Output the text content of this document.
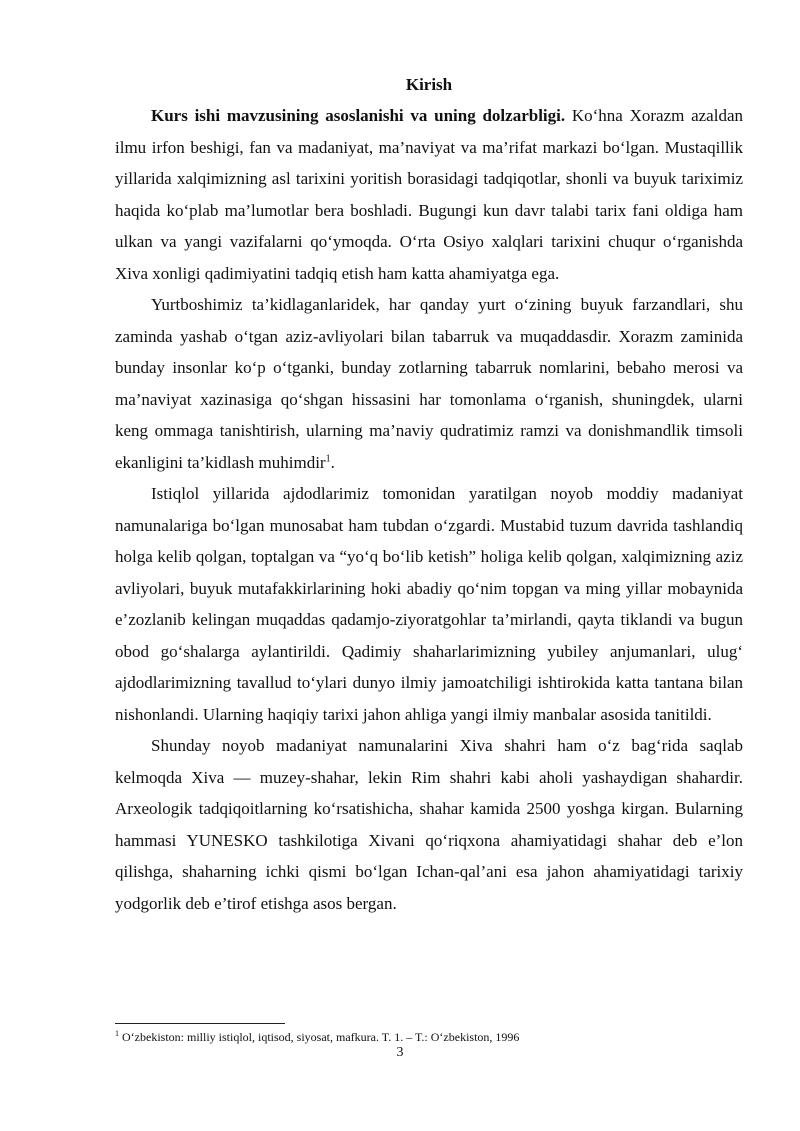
Kirish

Kurs ishi mavzusining asoslanishi va uning dolzarbligi. Ko‘hna Xorazm azaldan ilmu irfon beshigi, fan va madaniyat, ma’naviyat va ma’rifat markazi bo‘lgan. Mustaqillik yillarida xalqimizning asl tarixini yoritish borasidagi tadqiqotlar, shonli va buyuk tariximiz haqida ko‘plab ma’lumotlar bera boshladi. Bugungi kun davr talabi tarix fani oldiga ham ulkan va yangi vazifalarni qo‘ymoqda. O‘rta Osiyo xalqlari tarixini chuqur o‘rganishda Xiva xonligi qadimiyatini tadqiq etish ham katta ahamiyatga ega.

Yurtboshimiz ta’kidlaganlaridek, har qanday yurt o‘zining buyuk farzandlari, shu zaminda yashab o‘tgan aziz-avliyolari bilan tabarruk va muqaddasdir. Xorazm zaminida bunday insonlar ko‘p o‘tganki, bunday zotlarning tabarruk nomlarini, bebaho merosi va ma’naviyat xazinasiga qo‘shgan hissasini har tomonlama o‘rganish, shuningdek, ularni keng ommaga tanishtirish, ularning ma’naviy qudratimiz ramzi va donishmandlik timsoli ekanligini ta’kidlash muhimdir$^1$.

Istiqlol yillarida ajdodlarimiz tomonidan yaratilgan noyob moddiy madaniyat namunalariga bo‘lgan munosabat ham tubdan o‘zgardi. Mustabid tuzum davrida tashlandiq holga kelib qolgan, toptalgan va “yo‘q bo‘lib ketish” holiga kelib qolgan, xalqimizning aziz avliyolari, buyuk mutafakkirlarining hoki abadiy qo‘nim topgan va ming yillar mobaynida e’zozlanib kelingan muqaddas qadamjo-ziyoratgohlar ta’mirlandi, qayta tiklandi va bugun obod go‘shalarga aylantirildi. Qadimiy shaharlarimizning yubiley anjumanlari, ulug‘ ajdodlarimizning tavallud to‘ylari dunyo ilmiy jamoatchiligi ishtirokida katta tantana bilan nishonlandi. Ularning haqiqiy tarixi jahon ahliga yangi ilmiy manbalar asosida tanitildi.

Shunday noyob madaniyat namunalarini Xiva shahri ham o‘z bag‘rida saqlab kelmoqda Xiva — muzey-shahar, lekin Rim shahri kabi aholi yashaydigan shahardir. Arxeologik tadqiqoitlarning ko‘rsatishicha, shahar kamida 2500 yoshga kirgan. Bularning hammasi YUNESKO tashkilotiga Xivani qo‘riqxona ahamiyatidagi shahar deb e’lon qilishga, shaharning ichki qismi bo‘lgan Ichan-qal’ani esa jahon ahamiyatidagi tarixiy yodgorlik deb e’tirof etishga asos bergan.

$^1$ O‘zbekiston: milliy istiqlol, iqtisod, siyosat, mafkura. T. 1. – T.: O‘zbekiston, 1996

3
